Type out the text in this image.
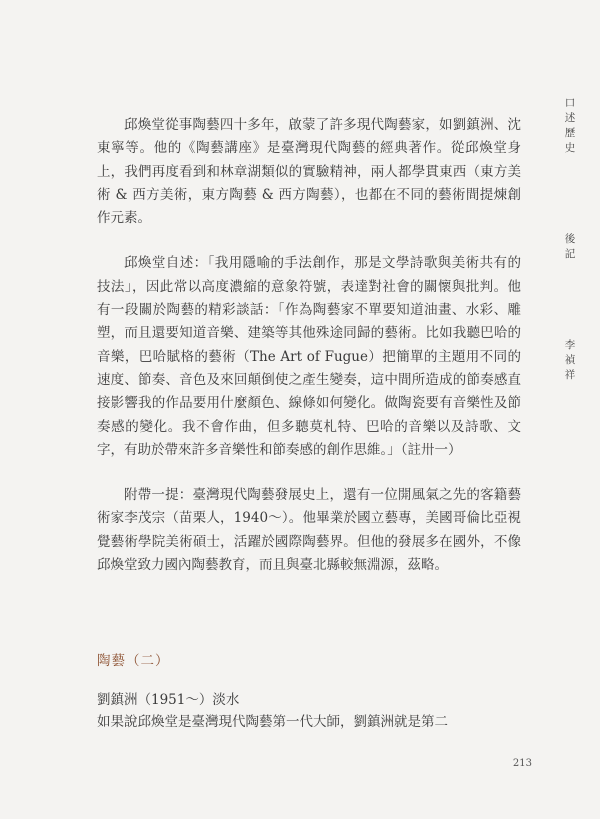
口
述
歷
史
後
記
李
禎
祥

邱煥堂從事陶藝四十多年，啟蒙了許多現代陶藝家，如劉鎮洲、沈東寧等。他的《陶藝講座》是臺灣現代陶藝的經典著作。從邱煥堂身上，我們再度看到和林章湖類似的實驗精神，兩人都學貫東西（東方美術 & 西方美術，東方陶藝 & 西方陶藝），也都在不同的藝術間提煉創作元素。

邱煥堂自述：「我用隱喻的手法創作，那是文學詩歌與美術共有的技法」，因此常以高度濃縮的意象符號，表達對社會的關懷與批判。他有一段關於陶藝的精彩談話：「作為陶藝家不單要知道油畫、水彩、雕塑，而且還要知道音樂、建築等其他殊途同歸的藝術。比如我聽巴哈的音樂，巴哈賦格的藝術（The Art of Fugue）把簡單的主題用不同的速度、節奏、音色及來回顛倒使之產生變奏，這中間所造成的節奏感直接影響我的作品要用什麼顏色、線條如何變化。做陶瓷要有音樂性及節奏感的變化。我不會作曲，但多聽莫札特、巴哈的音樂以及詩歌、文字，有助於帶來許多音樂性和節奏感的創作思維。」（註卅一）

附帶一提：臺灣現代陶藝發展史上，還有一位開風氣之先的客籍藝術家李茂宗（苗栗人，1940～）。他畢業於國立藝專，美國哥倫比亞視覺藝術學院美術碩士，活躍於國際陶藝界。但他的發展多在國外，不像邱煥堂致力國內陶藝教育，而且與臺北縣較無淵源，茲略。

陶藝（二）
劉鎮洲（1951～）淡水
如果說邱煥堂是臺灣現代陶藝第一代大師，劉鎮洲就是第二
213
